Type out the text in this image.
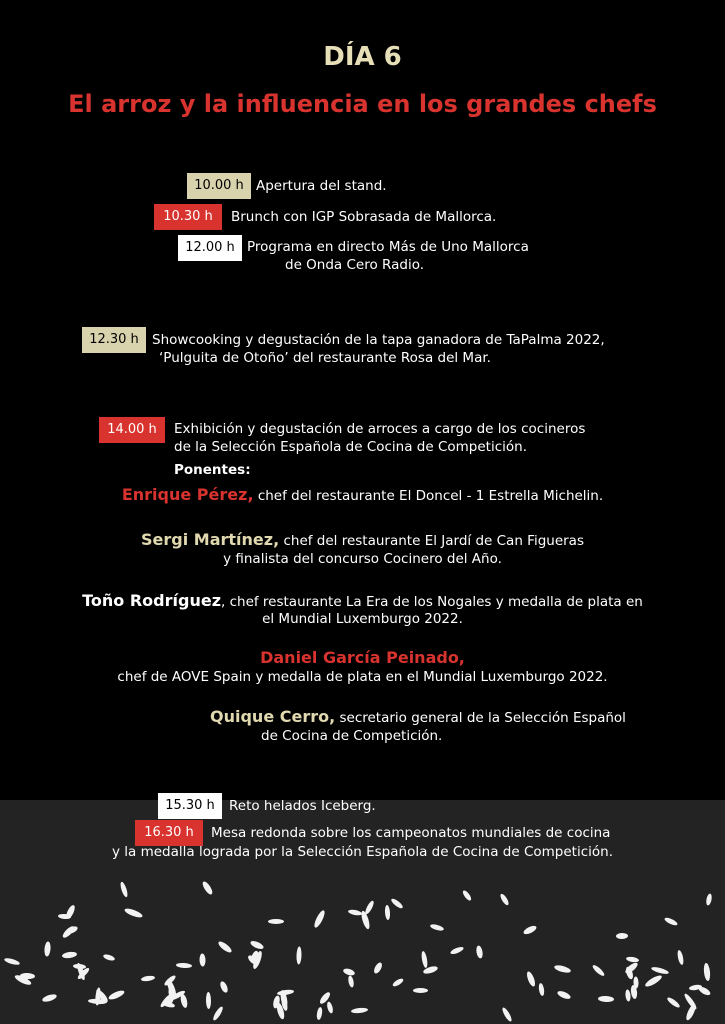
DÍA 6
El arroz y la influencia en los grandes chefs
10.00 h Apertura del stand.
10.30 h	Brunch con IGP Sobrasada de Mallorca.
12.00 h Programa en directo Más de Uno Mallorca
de Onda Cero Radio.
12.30 h Showcooking y degustación de la tapa ganadora de TaPalma 2022,
‘Pulguita de Otoño’ del restaurante Rosa del Mar.
14.00 h	Exhibición y degustación de arroces a cargo de los cocineros
de la Selección Española de Cocina de Competición.
Ponentes:
Enrique Pérez, chef del restaurante El Doncel - 1 Estrella Michelin.
Sergi Martínez, chef del restaurante El Jardí de Can Figueras
y finalista del concurso Cocinero del Año.
Toño Rodríguez, chef restaurante La Era de los Nogales y medalla de plata en
el Mundial Luxemburgo 2022.
Daniel García Peinado,
chef de AOVE Spain y medalla de plata en el Mundial Luxemburgo 2022.
Quique Cerro, secretario general de la Selección Español
de Cocina de Competición.
15.30 h	Reto helados Iceberg.
16.30 h	Mesa redonda sobre los campeonatos mundiales de cocina
y la medalla lograda por la Selección Española de Cocina de Competición.
